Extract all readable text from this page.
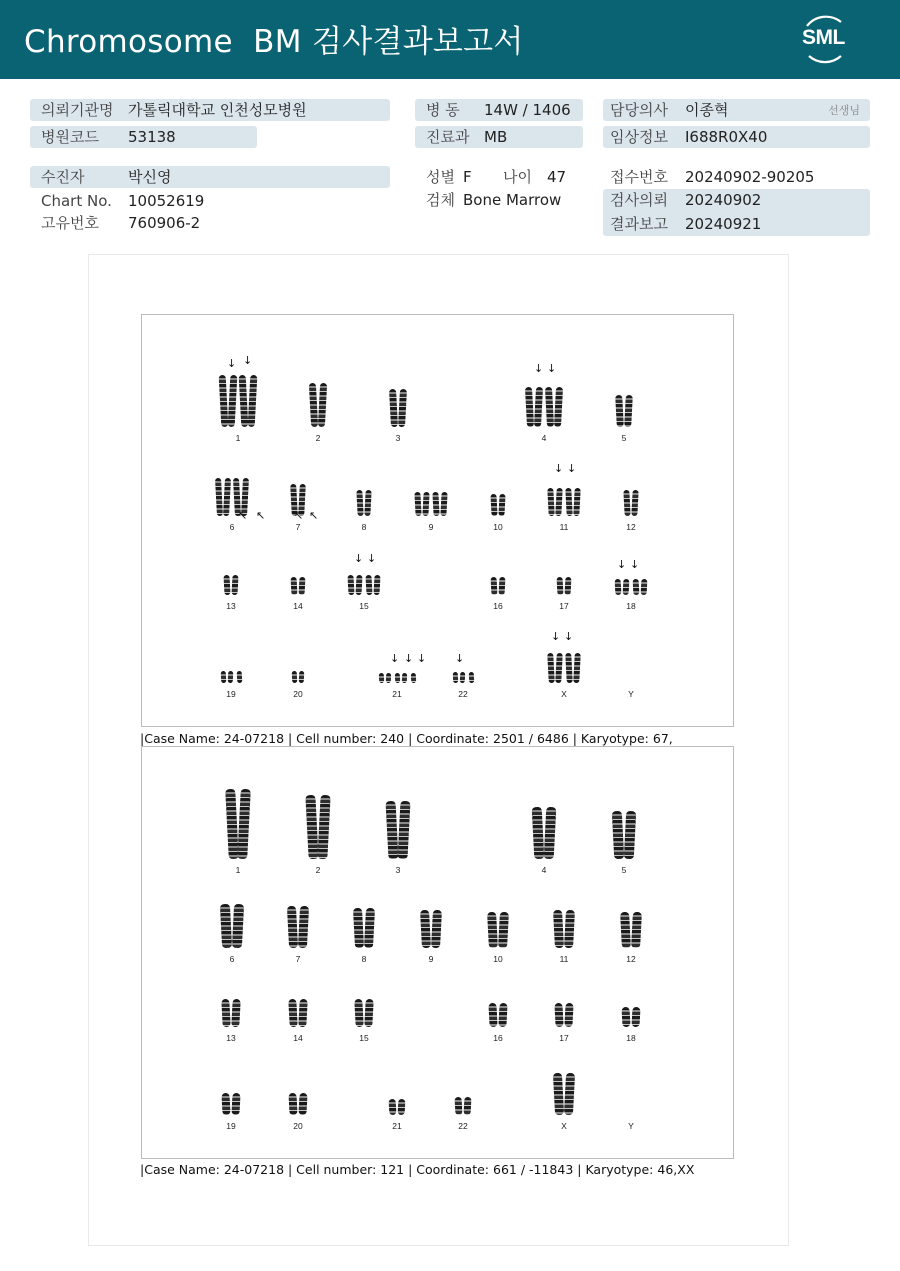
Chromosome  BM 검사결과보고서	SML
의뢰기관명 가톨릭대학교 인천성모병원
병원코드 53138
병 동 14W / 1406
진료과 MB
담당의사 이종혁	선생님
임상정보 I688R0X40
수진자	박신영
Chart No. 10052619
고유번호 760906-2
성별 F 나이 47
검체 Bone Marrow
접수번호 20240902-90205
검사의뢰 20240902
결과보고 20240921
1	2	3	4	5
6	7	8	9	10	11	12
13	14	15	16	17	18
19	20	21	22	X	Y
↓ ↓
↓ ↓
↓ ↓
↖ ↖	↖ ↖
↓ ↓	↓ ↓
↓ ↓ ↓	↓
↓ ↓
|Case Name: 24-07218 | Cell number: 240 | Coordinate: 2501 / 6486 | Karyotype: 67,
1	2	3	4	5
6	7	8	9	10	11	12
13	14	15	16	17	18
19	20	21	22	X	Y
|Case Name: 24-07218 | Cell number: 121 | Coordinate: 661 / -11843 | Karyotype: 46,XX
